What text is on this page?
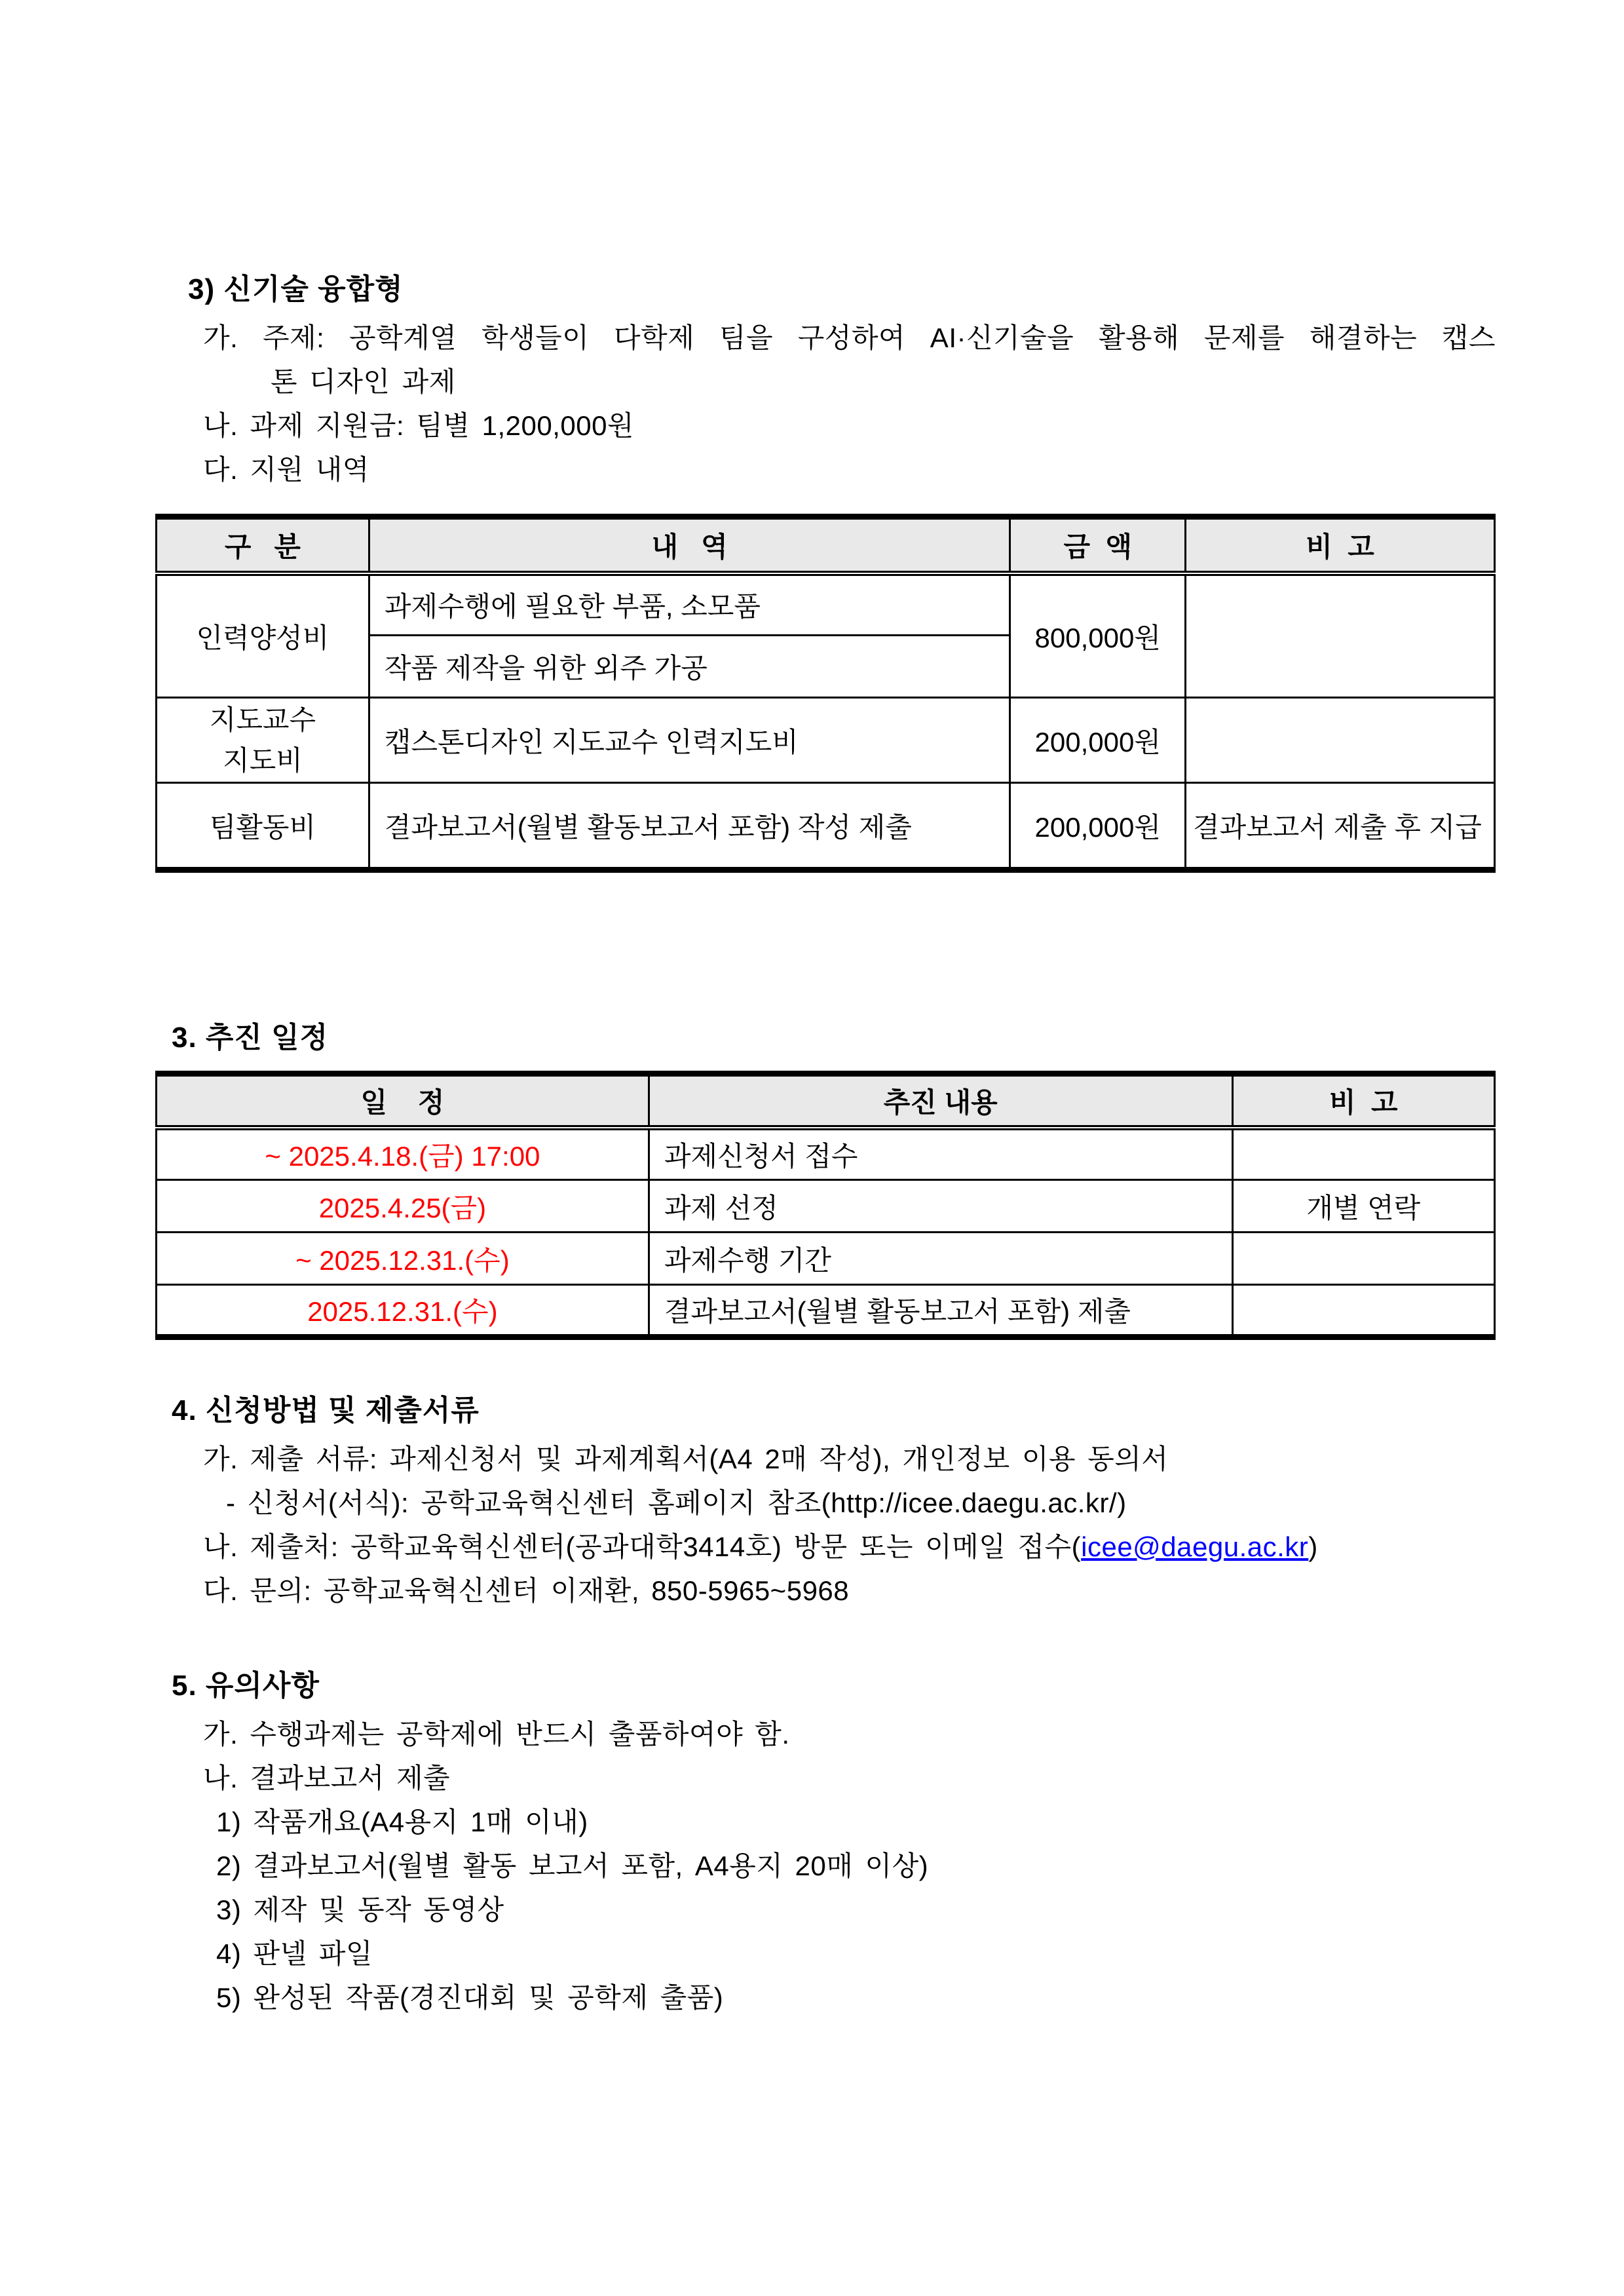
3) 신기술 융합형
가. 주제: 공학계열 학생들이 다학제 팀을 구성하여 AI·신기술을 활용해 문제를 해결하는 캡스
톤 디자인 과제
나. 과제 지원금: 팀별 1,200,000원
다. 지원 내역
구   분	내   역	금  액	비  고
인력양성비	과제수행에 필요한 부품, 소모품	800,000원	
	작품 제작을 위한 외주 가공		

지도교수
지도비	캡스톤디자인 지도교수 인력지도비	200,000원	
팀활동비	결과보고서(월별 활동보고서 포함) 작성 제출	200,000원	결과보고서 제출 후 지급
3. 추진 일정
일    정	추진 내용	비  고
~ 2025.4.18.(금) 17:00	과제신청서 접수	
2025.4.25(금)	과제 선정	개별 연락
~ 2025.12.31.(수)	과제수행 기간	
2025.12.31.(수)	결과보고서(월별 활동보고서 포함) 제출	
4. 신청방법 및 제출서류
가. 제출 서류: 과제신청서 및 과제계획서(A4 2매 작성), 개인정보 이용 동의서
- 신청서(서식): 공학교육혁신센터 홈페이지 참조(http://icee.daegu.ac.kr/)
나. 제출처: 공학교육혁신센터(공과대학3414호) 방문 또는 이메일 접수(icee@daegu.ac.kr)
다. 문의: 공학교육혁신센터 이재환, 850-5965~5968
5. 유의사항
가. 수행과제는 공학제에 반드시 출품하여야 함.
나. 결과보고서 제출
1) 작품개요(A4용지 1매 이내)
2) 결과보고서(월별 활동 보고서 포함, A4용지 20매 이상)
3) 제작 및 동작 동영상
4) 판넬 파일
5) 완성된 작품(경진대회 및 공학제 출품)
